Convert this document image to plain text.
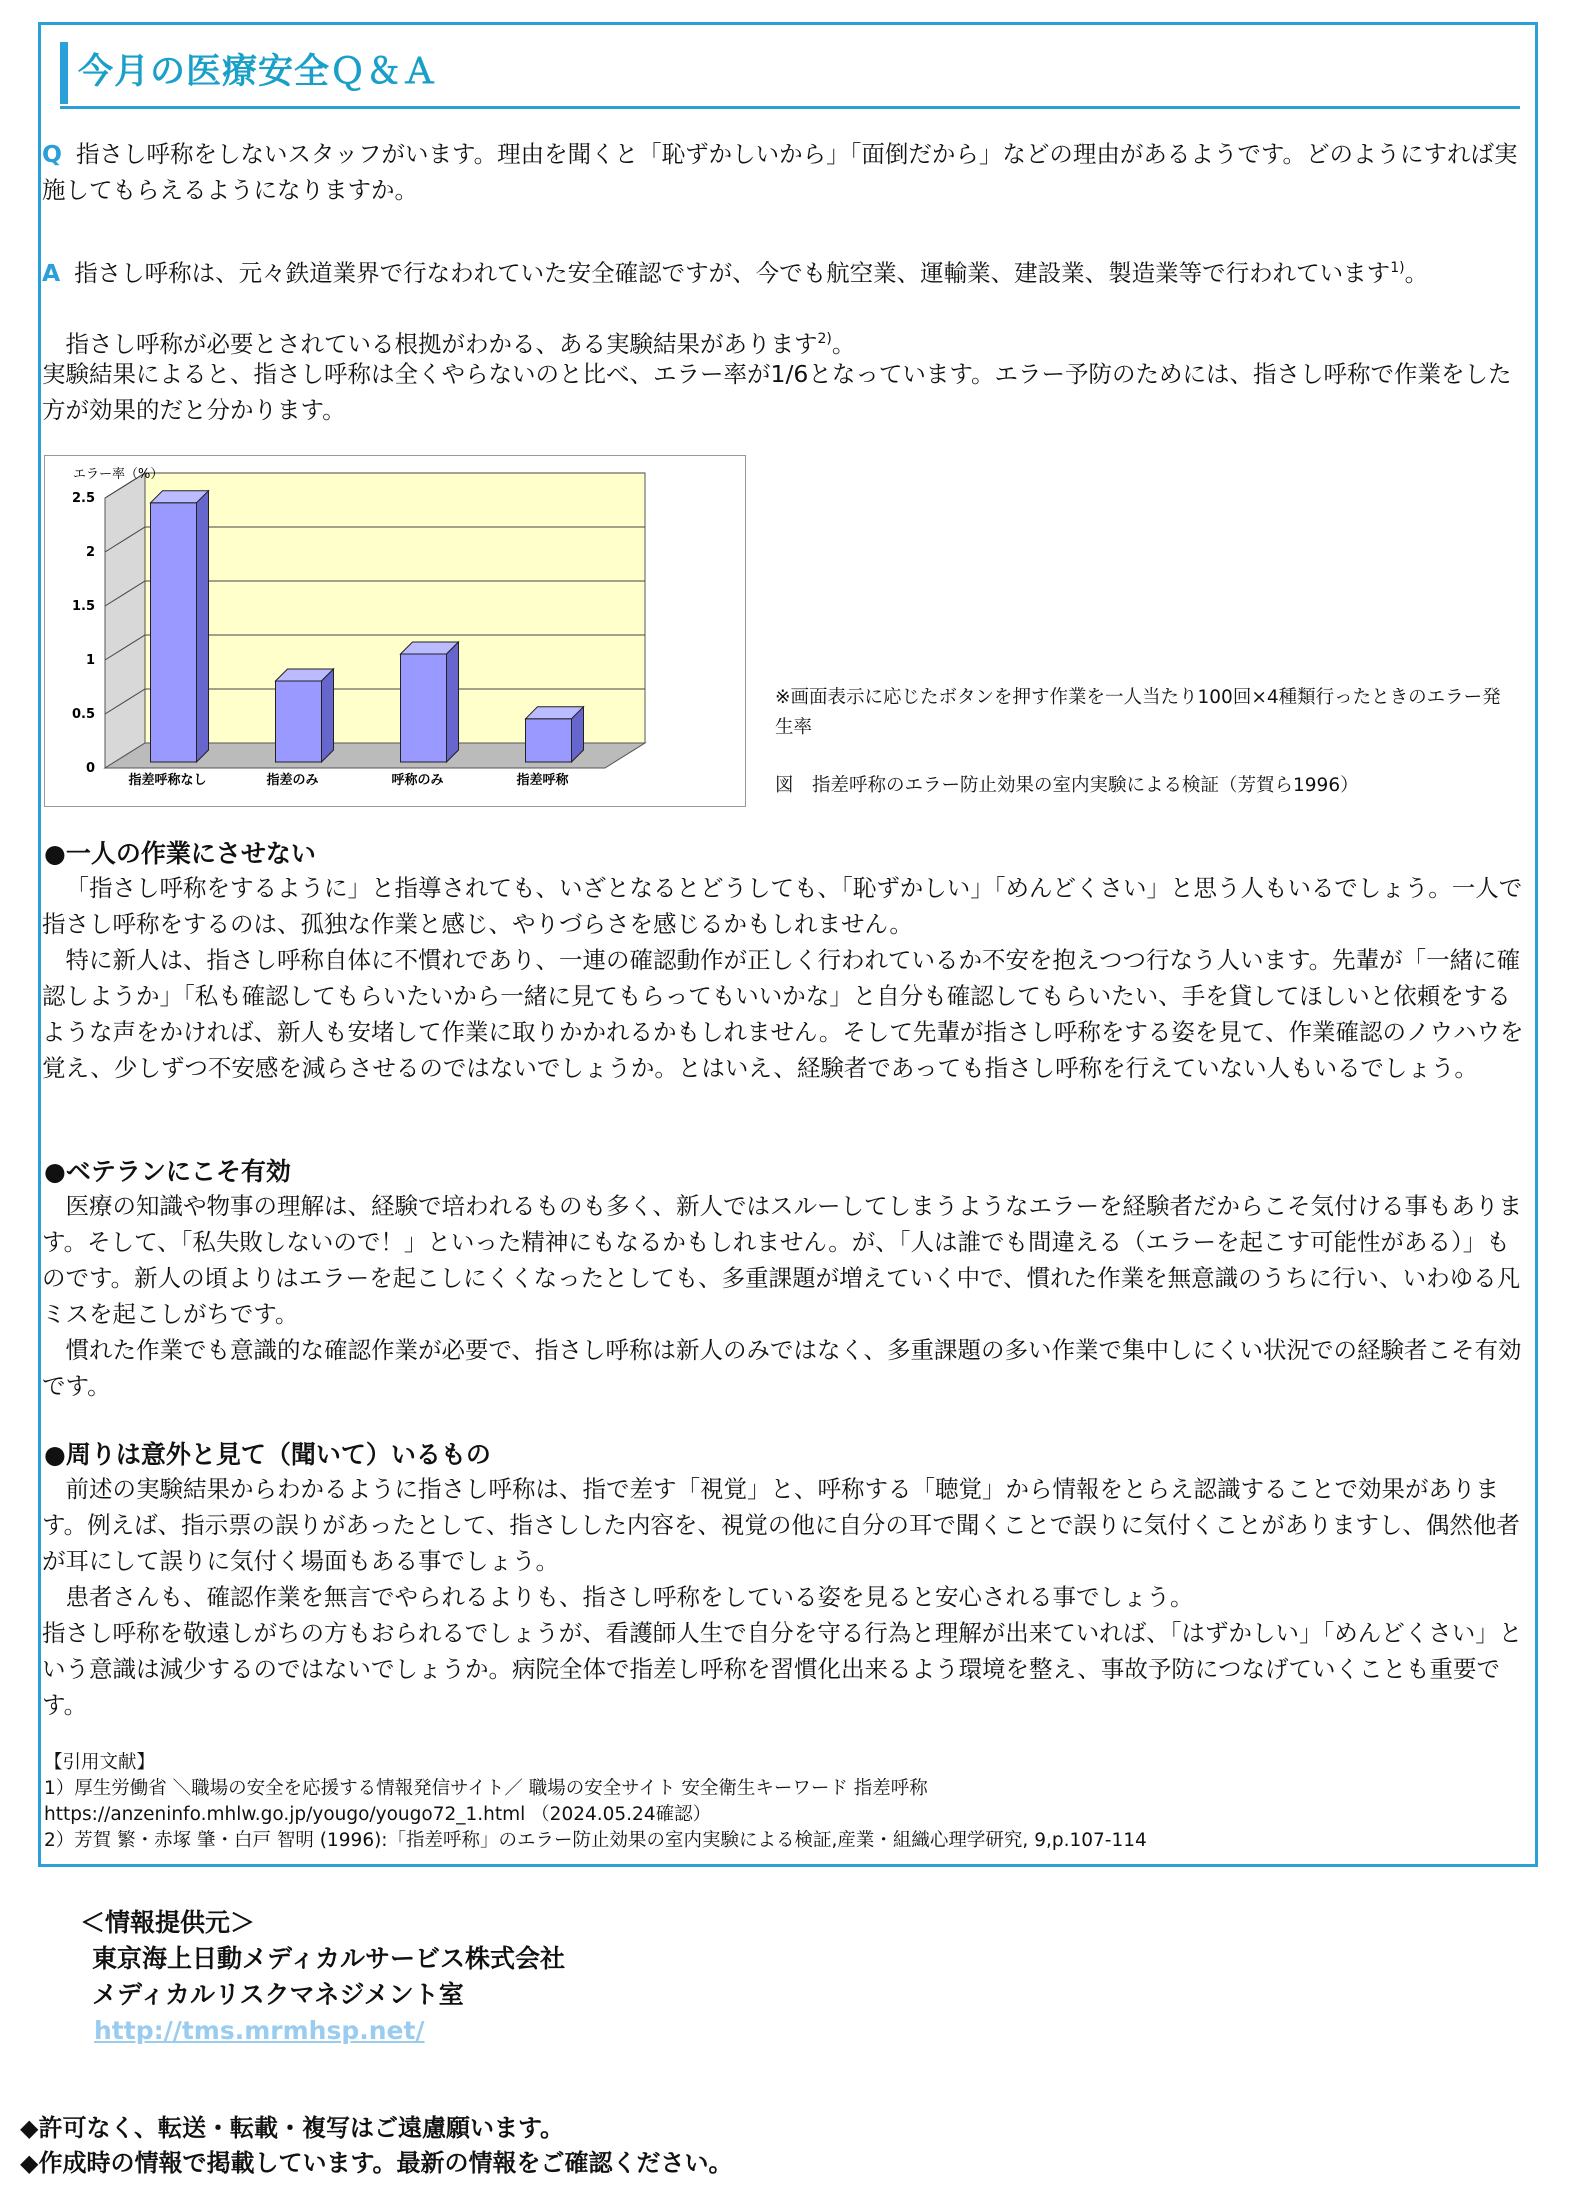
今月の医療安全Ｑ＆Ａ

Q 指さし呼称をしないスタッフがいます。理由を聞くと「恥ずかしいから」「面倒だから」などの理由があるようです。どのようにすれば実施してもらえるようになりますか。

A 指さし呼称は、元々鉄道業界で行なわれていた安全確認ですが、今でも航空業、運輸業、建設業、製造業等で行われています$^{1)}$。

　指さし呼称が必要とされている根拠がわかる、ある実験結果があります$^{2)}$。

実験結果によると、指さし呼称は全くやらないのと比べ、エラー率が1/6となっています。エラー予防のためには、指さし呼称で作業をした方が効果的だと分かります。

0
0.5
1
1.5
2
2.5
エラー率（%）
指差呼称なし	指差のみ	呼称のみ	指差呼称
※画面表示に応じたボタンを押す作業を一人当たり100回×4種類行ったときのエラー発生率
図　指差呼称のエラー防止効果の室内実験による検証（芳賀ら1996）
●一人の作業にさせない

「指さし呼称をするように」と指導されても、いざとなるとどうしても、「恥ずかしい」「めんどくさい」と思う人もいるでしょう。一人で指さし呼称をするのは、孤独な作業と感じ、やりづらさを感じるかもしれません。

特に新人は、指さし呼称自体に不慣れであり、一連の確認動作が正しく行われているか不安を抱えつつ行なう人います。先輩が「一緒に確認しようか」「私も確認してもらいたいから一緒に見てもらってもいいかな」と自分も確認してもらいたい、手を貸してほしいと依頼をするような声をかければ、新人も安堵して作業に取りかかれるかもしれません。そして先輩が指さし呼称をする姿を見て、作業確認のノウハウを覚え、少しずつ不安感を減らさせるのではないでしょうか。とはいえ、経験者であっても指さし呼称を行えていない人もいるでしょう。

●ベテランにこそ有効

医療の知識や物事の理解は、経験で培われるものも多く、新人ではスルーしてしまうようなエラーを経験者だからこそ気付ける事もあります。そして、「私失敗しないので！」といった精神にもなるかもしれません。が、「人は誰でも間違える（エラーを起こす可能性がある）」ものです。新人の頃よりはエラーを起こしにくくなったとしても、多重課題が増えていく中で、慣れた作業を無意識のうちに行い、いわゆる凡ミスを起こしがちです。

慣れた作業でも意識的な確認作業が必要で、指さし呼称は新人のみではなく、多重課題の多い作業で集中しにくい状況での経験者こそ有効です。

●周りは意外と見て（聞いて）いるもの

前述の実験結果からわかるように指さし呼称は、指で差す「視覚」と、呼称する「聴覚」から情報をとらえ認識することで効果があります。例えば、指示票の誤りがあったとして、指さしした内容を、視覚の他に自分の耳で聞くことで誤りに気付くことがありますし、偶然他者が耳にして誤りに気付く場面もある事でしょう。

患者さんも、確認作業を無言でやられるよりも、指さし呼称をしている姿を見ると安心される事でしょう。

指さし呼称を敬遠しがちの方もおられるでしょうが、看護師人生で自分を守る行為と理解が出来ていれば、「はずかしい」「めんどくさい」という意識は減少するのではないでしょうか。病院全体で指差し呼称を習慣化出来るよう環境を整え、事故予防につなげていくことも重要です。

【引用文献】
1）厚生労働省 ＼職場の安全を応援する情報発信サイト／ 職場の安全サイト 安全衛生キーワード 指差呼称
https://anzeninfo.mhlw.go.jp/yougo/yougo72_1.html （2024.05.24確認）
2）芳賀 繁・赤塚 肇・白戸 智明 (1996):「指差呼称」のエラー防止効果の室内実験による検証,産業・組織心理学研究, 9,p.107-114
＜情報提供元＞
東京海上日動メディカルサービス株式会社
メディカルリスクマネジメント室
http://tms.mrmhsp.net/
◆許可なく、転送・転載・複写はご遠慮願います。
◆作成時の情報で掲載しています。最新の情報をご確認ください。
